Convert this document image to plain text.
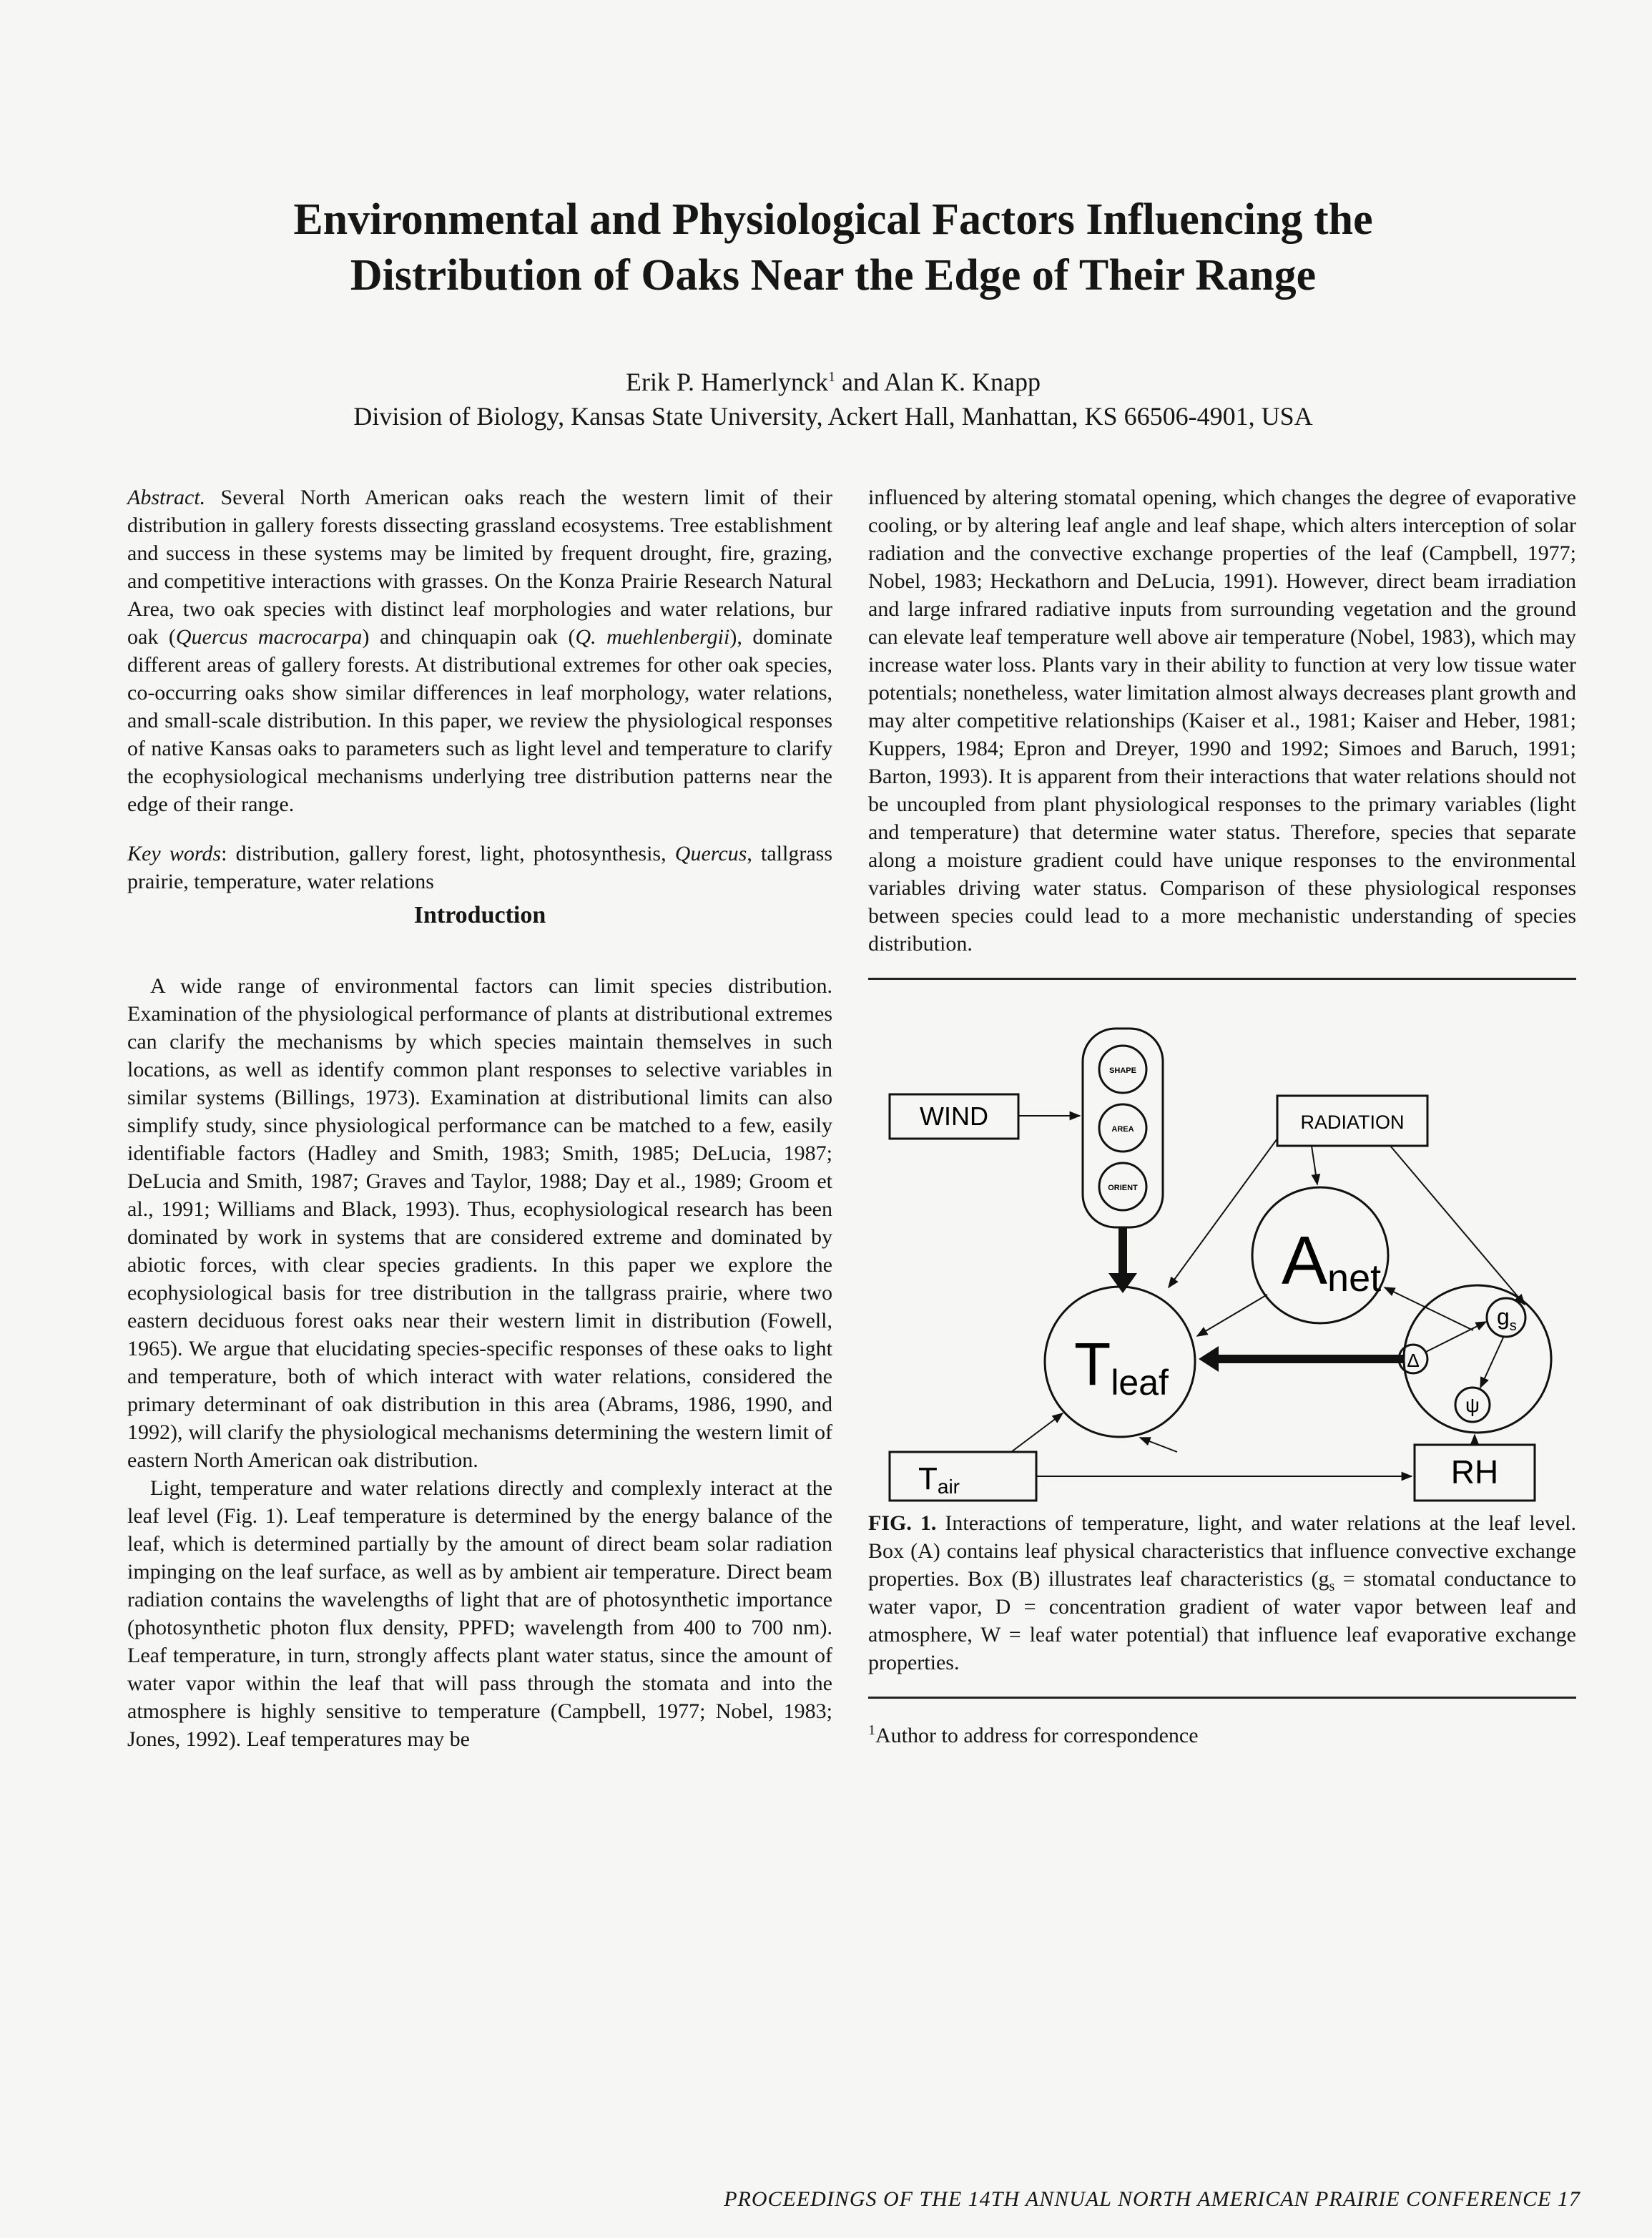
Environmental and Physiological Factors Influencing the
Distribution of Oaks Near the Edge of Their Range
Erik P. Hamerlynck$^1$ and Alan K. Knapp
Division of Biology, Kansas State University, Ackert Hall, Manhattan, KS 66506-4901, USA

Abstract. Several North American oaks reach the western limit of their distribution in gallery forests dissecting grassland ecosystems. Tree establishment and success in these systems may be limited by frequent drought, fire, grazing, and competitive interactions with grasses. On the Konza Prairie Research Natural Area, two oak species with distinct leaf morphologies and water relations, bur oak (Quercus macrocarpa) and chinquapin oak (Q. muehlenbergii), dominate different areas of gallery forests. At distributional extremes for other oak species, co-occurring oaks show similar differences in leaf morphology, water relations, and small-scale distribution. In this paper, we review the physiological responses of native Kansas oaks to parameters such as light level and temperature to clarify the ecophysiological mechanisms underlying tree distribution patterns near the edge of their range.

Key words: distribution, gallery forest, light, photosynthesis, Quercus, tallgrass prairie, temperature, water relations

Introduction

A wide range of environmental factors can limit species distribution. Examination of the physiological performance of plants at distributional extremes can clarify the mechanisms by which species maintain themselves in such locations, as well as identify common plant responses to selective variables in similar systems (Billings, 1973). Examination at distributional limits can also simplify study, since physiological performance can be matched to a few, easily identifiable factors (Hadley and Smith, 1983; Smith, 1985; DeLucia, 1987; DeLucia and Smith, 1987; Graves and Taylor, 1988; Day et al., 1989; Groom et al., 1991; Williams and Black, 1993). Thus, ecophysiological research has been dominated by work in systems that are considered extreme and dominated by abiotic forces, with clear species gradients. In this paper we explore the ecophysiological basis for tree distribution in the tallgrass prairie, where two eastern deciduous forest oaks near their western limit in distribution (Fowell, 1965). We argue that elucidating species-specific responses of these oaks to light and temperature, both of which interact with water relations, considered the primary determinant of oak distribution in this area (Abrams, 1986, 1990, and 1992), will clarify the physiological mechanisms determining the western limit of eastern North American oak distribution.

Light, temperature and water relations directly and complexly interact at the leaf level (Fig. 1). Leaf temperature is determined by the energy balance of the leaf, which is determined partially by the amount of direct beam solar radiation impinging on the leaf surface, as well as by ambient air temperature. Direct beam radiation contains the wavelengths of light that are of photosynthetic importance (photosynthetic photon flux density, PPFD; wavelength from 400 to 700 nm). Leaf temperature, in turn, strongly affects plant water status, since the amount of water vapor within the leaf that will pass through the stomata and into the atmosphere is highly sensitive to temperature (Campbell, 1977; Nobel, 1983; Jones, 1992). Leaf temperatures may be

influenced by altering stomatal opening, which changes the degree of evaporative cooling, or by altering leaf angle and leaf shape, which alters interception of solar radiation and the convective exchange properties of the leaf (Campbell, 1977; Nobel, 1983; Heckathorn and DeLucia, 1991). However, direct beam irradiation and large infrared radiative inputs from surrounding vegetation and the ground can elevate leaf temperature well above air temperature (Nobel, 1983), which may increase water loss. Plants vary in their ability to function at very low tissue water potentials; nonetheless, water limitation almost always decreases plant growth and may alter competitive relationships (Kaiser et al., 1981; Kaiser and Heber, 1981; Kuppers, 1984; Epron and Dreyer, 1990 and 1992; Simoes and Baruch, 1991; Barton, 1993). It is apparent from their interactions that water relations should not be uncoupled from plant physiological responses to the primary variables (light and temperature) that determine water status. Therefore, species that separate along a moisture gradient could have unique responses to the environmental variables driving water status. Comparison of these physiological responses between species could lead to a more mechanistic understanding of species distribution.

WIND
SHAPE
AREA
ORIENT
RADIATION
Anet
Tleaf
Δ
$g_s$
ψ
Tair	RH

FIG. 1. Interactions of temperature, light, and water relations at the leaf level. Box (A) contains leaf physical characteristics that influence convective exchange properties. Box (B) illustrates leaf characteristics ($g_s$ = stomatal conductance to water vapor, D = concentration gradient of water vapor between leaf and atmosphere, W = leaf water potential) that influence leaf evaporative exchange properties.

$^1$Author to address for correspondence

PROCEEDINGS OF THE 14TH ANNUAL NORTH AMERICAN PRAIRIE CONFERENCE 17
